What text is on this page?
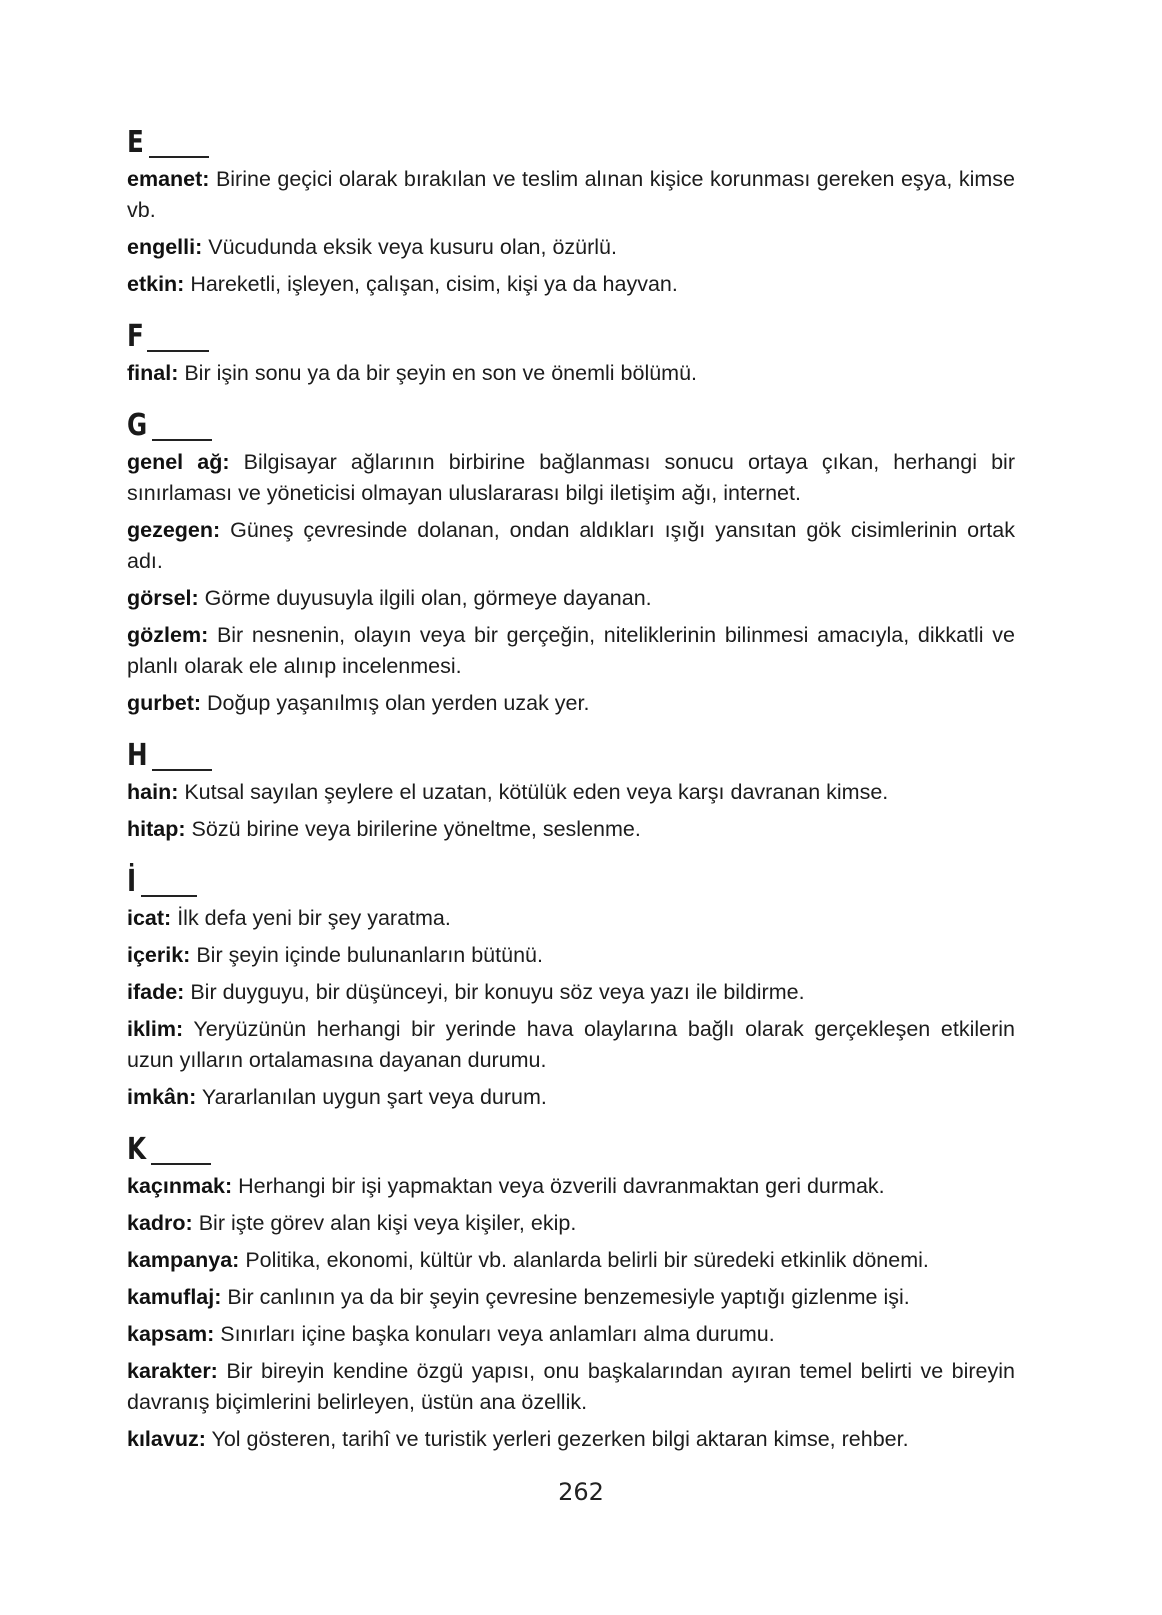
E

emanet: Birine geçici olarak bırakılan ve teslim alınan kişice korunması gereken eşya, kimse vb.

engelli: Vücudunda eksik veya kusuru olan, özürlü.

etkin: Hareketli, işleyen, çalışan, cisim, kişi ya da hayvan.

F

final: Bir işin sonu ya da bir şeyin en son ve önemli bölümü.

G

genel ağ: Bilgisayar ağlarının birbirine bağlanması sonucu ortaya çıkan, herhangi bir sınırlaması ve yöneticisi olmayan uluslararası bilgi iletişim ağı, internet.

gezegen: Güneş çevresinde dolanan, ondan aldıkları ışığı yansıtan gök cisimlerinin ortak adı.

görsel: Görme duyusuyla ilgili olan, görmeye dayanan.

gözlem: Bir nesnenin, olayın veya bir gerçeğin, niteliklerinin bilinmesi amacıyla, dikkatli ve planlı olarak ele alınıp incelenmesi.

gurbet: Doğup yaşanılmış olan yerden uzak yer.

H

hain: Kutsal sayılan şeylere el uzatan, kötülük eden veya karşı davranan kimse.

hitap: Sözü birine veya birilerine yöneltme, seslenme.

İ

icat: İlk defa yeni bir şey yaratma.

içerik: Bir şeyin içinde bulunanların bütünü.

ifade: Bir duyguyu, bir düşünceyi, bir konuyu söz veya yazı ile bildirme.

iklim: Yeryüzünün herhangi bir yerinde hava olaylarına bağlı olarak gerçekleşen etkilerin uzun yılların ortalamasına dayanan durumu.

imkân: Yararlanılan uygun şart veya durum.

K

kaçınmak: Herhangi bir işi yapmaktan veya özverili davranmaktan geri durmak.

kadro: Bir işte görev alan kişi veya kişiler, ekip.

kampanya: Politika, ekonomi, kültür vb. alanlarda belirli bir süredeki etkinlik dönemi.

kamuflaj: Bir canlının ya da bir şeyin çevresine benzemesiyle yaptığı gizlenme işi.

kapsam: Sınırları içine başka konuları veya anlamları alma durumu.

karakter: Bir bireyin kendine özgü yapısı, onu başkalarından ayıran temel belirti ve bireyin davranış biçimlerini belirleyen, üstün ana özellik.

kılavuz: Yol gösteren, tarihî ve turistik yerleri gezerken bilgi aktaran kimse, rehber.

262
